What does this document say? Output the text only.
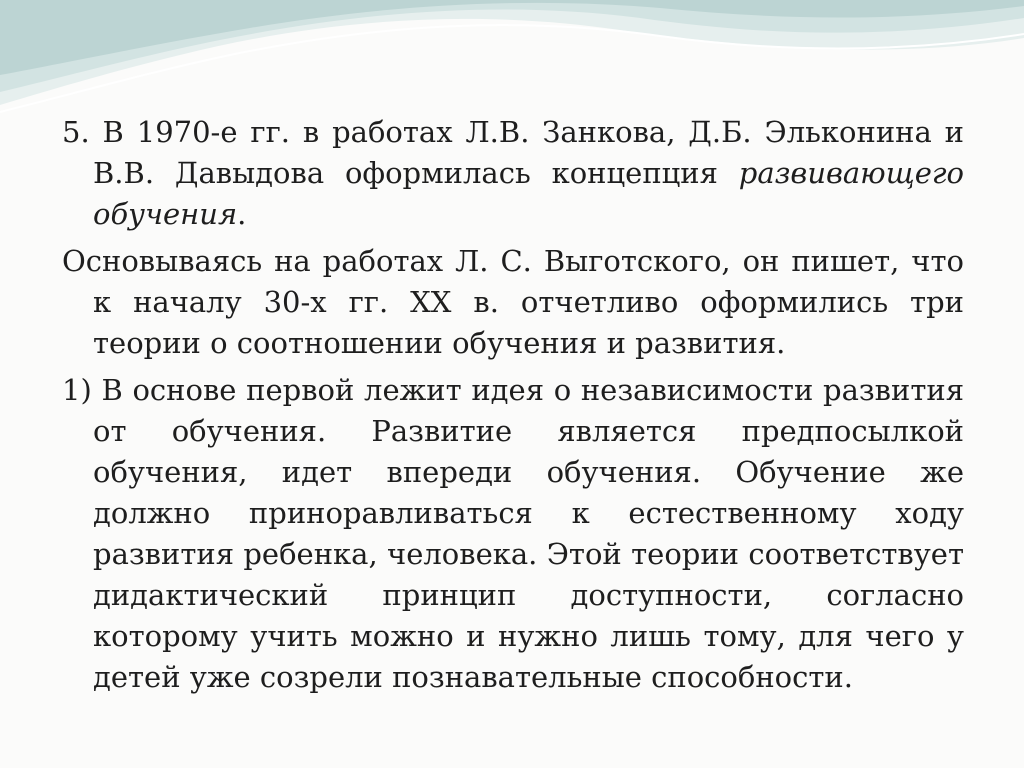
5. В 1970-е гг. в работах Л.В. Занкова, Д.Б. Эльконина и В.В. Давыдова оформилась концепция развивающего обучения.

Основываясь на работах Л. С. Выготского, он пишет, что к началу 30-х гг. XX в. отчетливо оформились три теории о соотношении обучения и развития.

1) В основе первой лежит идея о независимости развития от обучения. Развитие является предпосылкой обучения, идет впереди обучения. Обучение же должно приноравливаться к естественному ходу развития ребенка, человека. Этой теории соответствует дидактический принцип доступности, согласно которому учить можно и нужно лишь тому, для чего у детей уже созрели познавательные способности.
